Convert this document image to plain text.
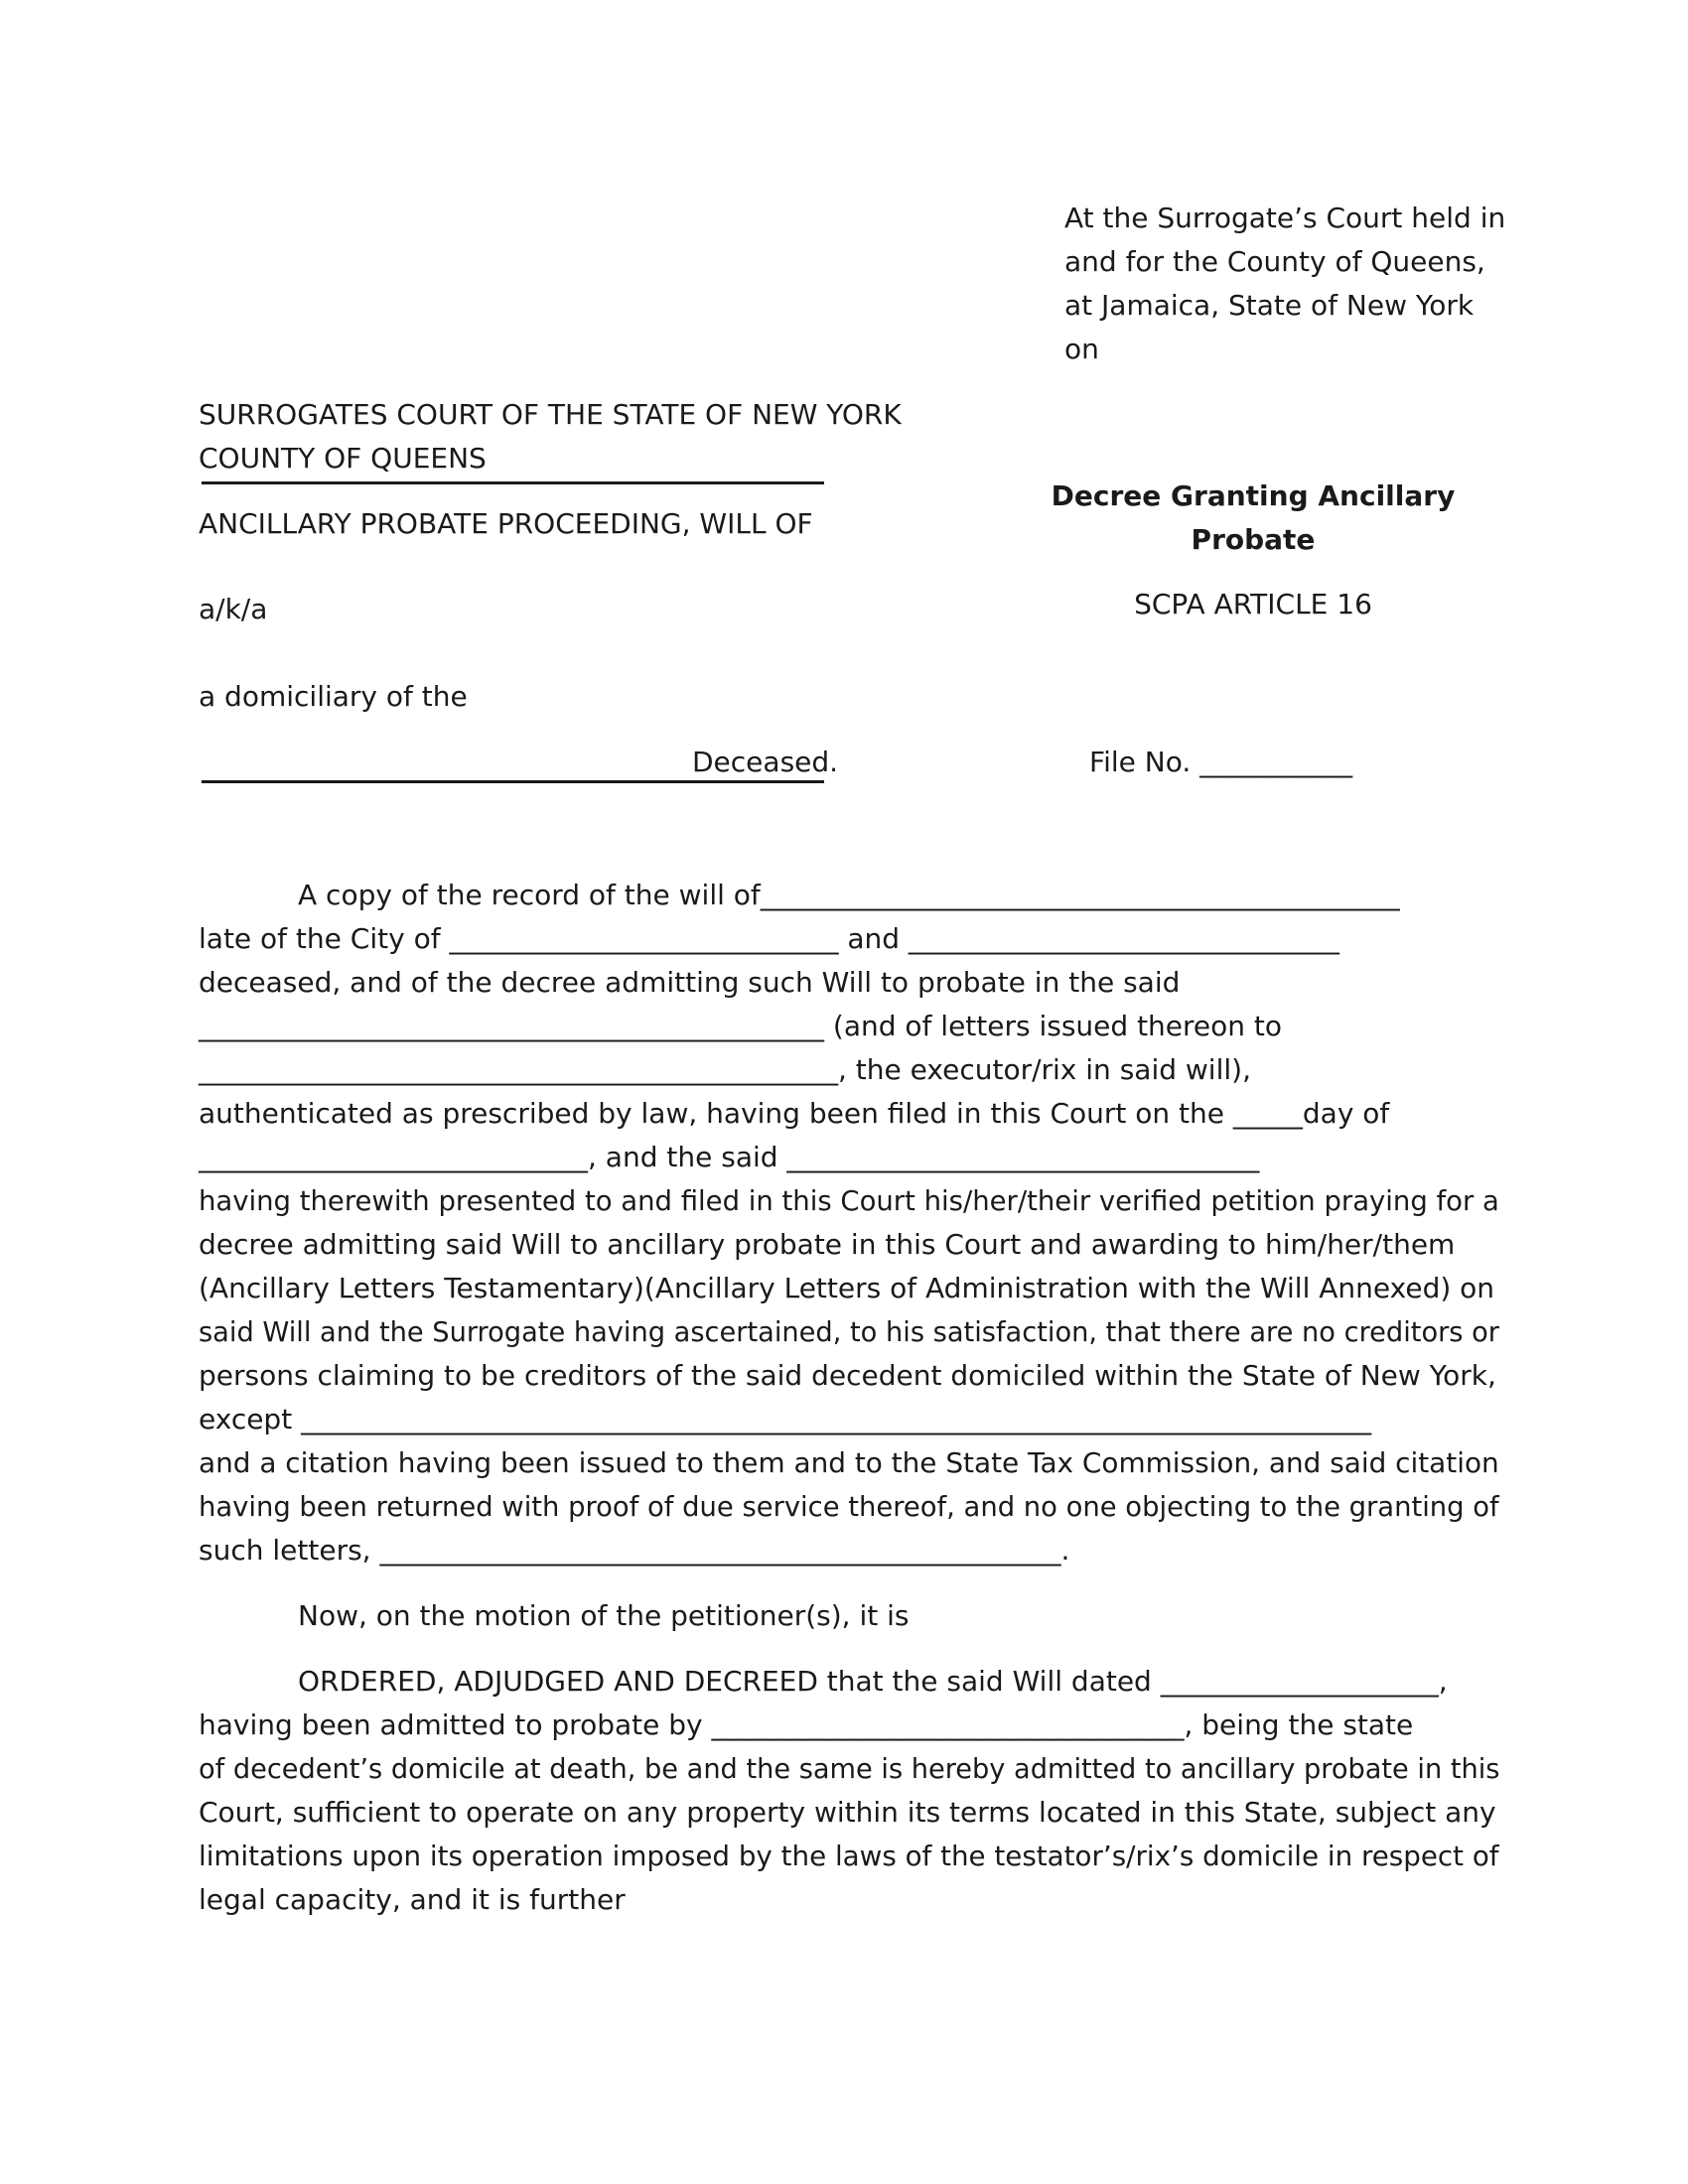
At the Surrogate’s Court held in
and for the County of Queens,
at Jamaica, State of New York
on
SURROGATES COURT OF THE STATE OF NEW YORK
COUNTY OF QUEENS
ANCILLARY PROBATE PROCEEDING, WILL OF
a/k/a
a domiciliary of the
Deceased.
Decree Granting Ancillary Probate
SCPA ARTICLE 16
File No. ___________
A copy of the record of the will of______________________________________________
late of the City of ____________________________ and _______________________________
deceased, and of the decree admitting such Will to probate in the said
_____________________________________________ (and of letters issued thereon to
______________________________________________, the executor/rix in said will),
authenticated as prescribed by law, having been filed in this Court on the _____day of
____________________________, and the said __________________________________
having therewith presented to and filed in this Court his/her/their verified petition praying for a
decree admitting said Will to ancillary probate in this Court and awarding to him/her/them
(Ancillary Letters Testamentary)(Ancillary Letters of Administration with the Will Annexed) on
said Will and the Surrogate having ascertained, to his satisfaction, that there are no creditors or
persons claiming to be creditors of the said decedent domiciled within the State of New York,
except _____________________________________________________________________________
and a citation having been issued to them and to the State Tax Commission, and said citation
having been returned with proof of due service thereof, and no one objecting to the granting of
such letters, _________________________________________________.
Now, on the motion of the petitioner(s), it is
ORDERED, ADJUDGED AND DECREED that the said Will dated ____________________,
having been admitted to probate by __________________________________, being the state
of decedent’s domicile at death, be and the same is hereby admitted to ancillary probate in this
Court, sufficient to operate on any property within its terms located in this State, subject any
limitations upon its operation imposed by the laws of the testator’s/rix’s domicile in respect of
legal capacity, and it is further
